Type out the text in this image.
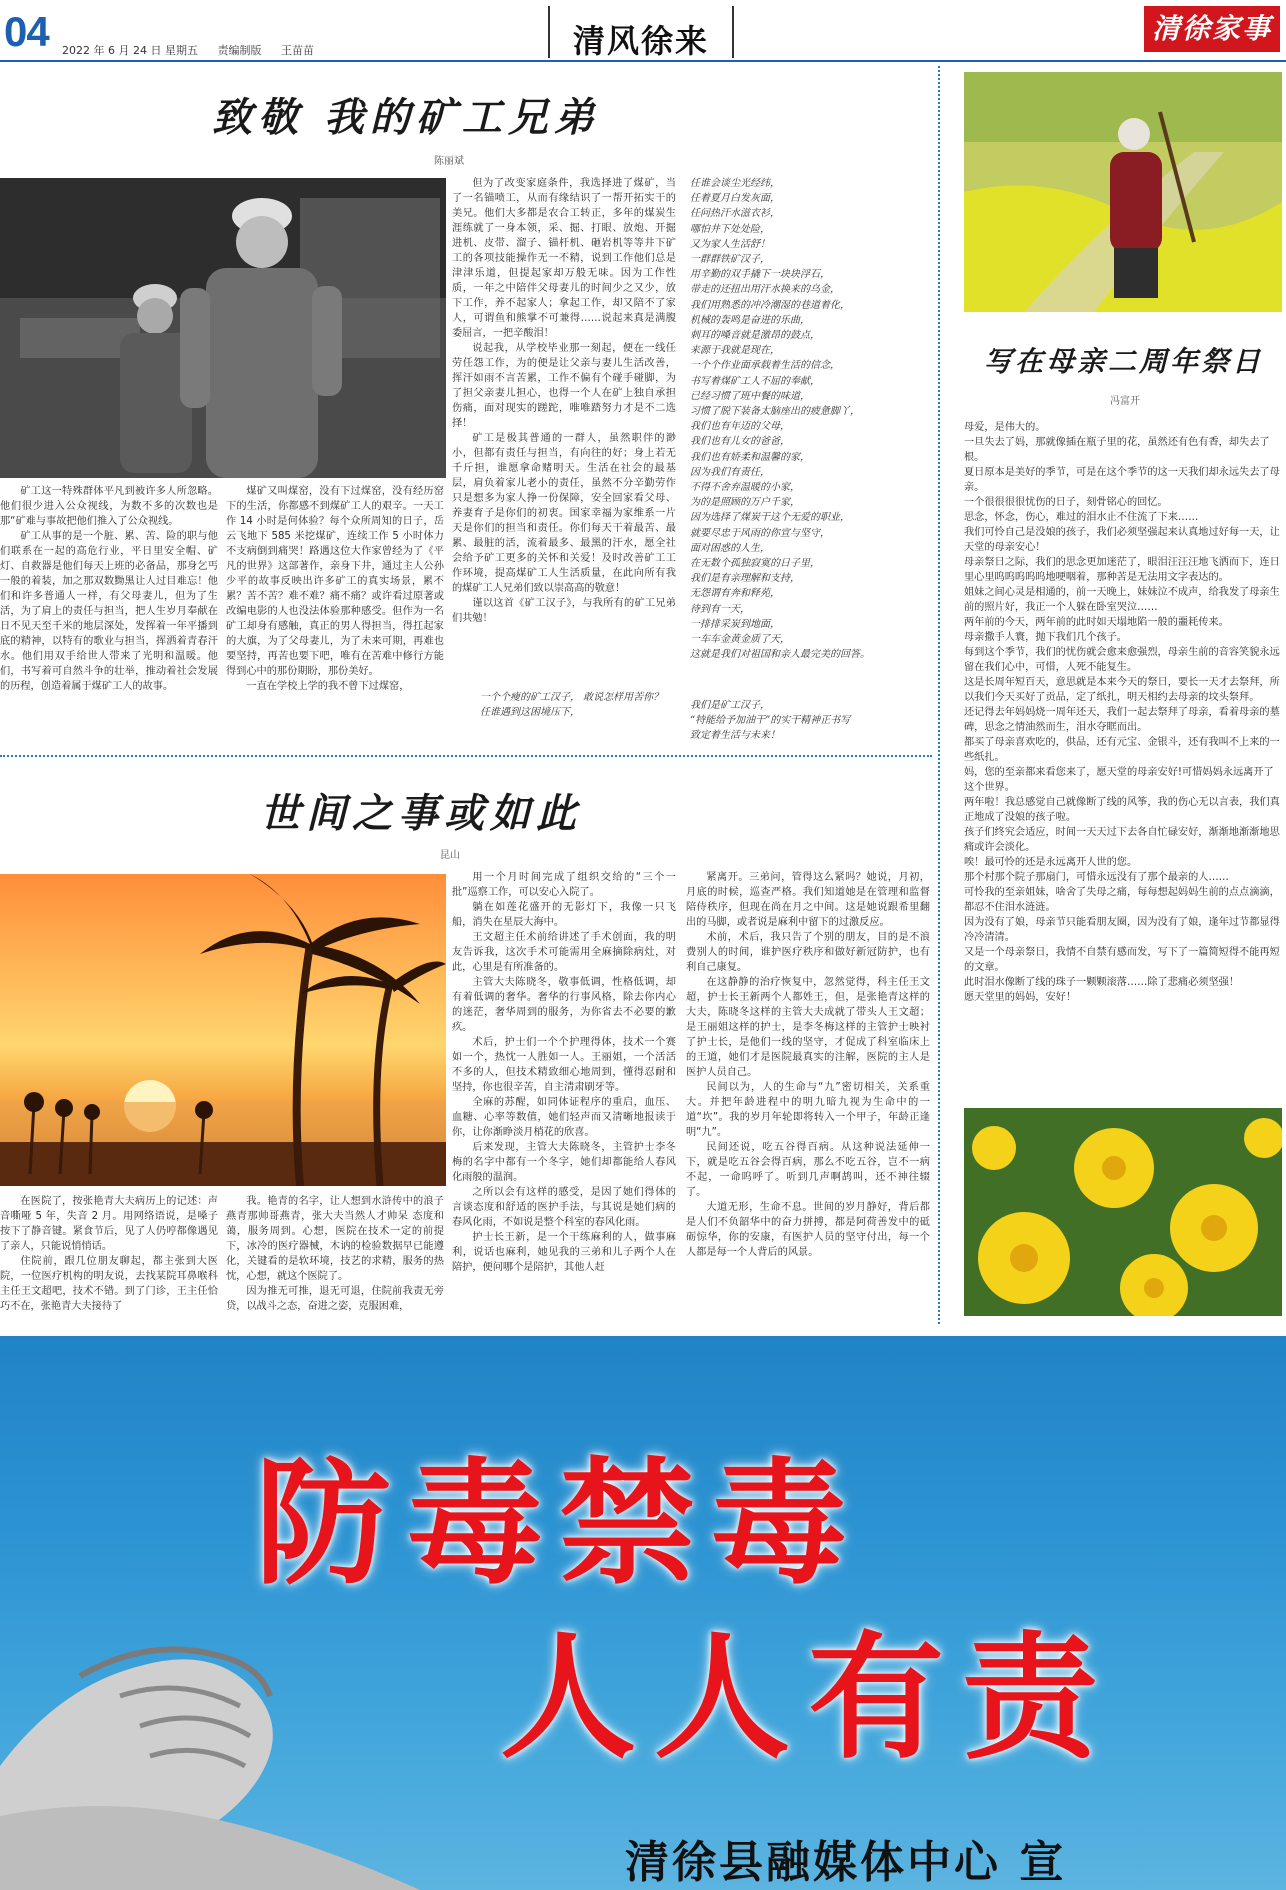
04 2022 年 6 月 24 日 星期五 责编制版 王苗苗	清风徐来	清徐家事
致敬 我的矿工兄弟
陈丽斌
矿工这一特殊群体平凡到被许多人所忽略。他们很少进入公众视线，为数不多的次数也是那“矿难与事故把他们推入了公众视线。
矿工从事的是一个脏、累、苦、险的职与他们联系在一起的高危行业，平日里安全帽、矿灯、自救器是他们每天上班的必备品，那身乞丐一般的着装，加之那双数黝黑让人过目难忘！他们和许多普通人一样，有父母妻儿，但为了生活，为了肩上的责任与担当，把人生岁月奉献在日不见天至千米的地层深处，发挥着一年平播到底的精神，以特有的歌业与担当，挥洒着青春汗水。他们用双手给世人带来了光明和温暖。他们，书写着可自然斗争的壮举，推动着社会发展的历程，创造着属于煤矿工人的故事。
煤矿又叫煤窑，没有下过煤窑，没有经历窑下的生活，你都感不到煤矿工人的艰辛。一天工作 14 小时是何体验？每个众所周知的日子，岳云飞地下 585 米挖煤矿，连续工作 5 小时体力不支病倒到痛哭！路遇这位大作家曾经为了《平凡的世界》这部著作，亲身下井，通过主人公孙少平的故事反映出许多矿工的真实场景，累不累？苦不苦？难不难？痛不痛？或许看过原著或改编电影的人也没法体验那种感受。但作为一名矿工却身有感触，真正的男人得担当，得扛起家的大旗，为了父母妻儿，为了未来可期，再难也要坚持，再苦也要下吧，唯有在苦难中修行方能得到心中的那份期盼，那份美好。
一直在学校上学的我不曾下过煤窑，
但为了改变家庭条件，我选择进了煤矿，当了一名锚喷工，从而有缘结识了一帮开拓实干的美兄。他们大多都是农合工转正，多年的煤炭生涯练就了一身本领，采、掘、打眼、放炮、开掘进机、皮带、溜子、锚杆机、砸岩机等等井下矿工的各项技能操作无一不精，说到工作他们总是津津乐道，但提起家却万般无味。因为工作性质，一年之中陪伴父母妻儿的时间少之又少，放下工作，养不起家人；拿起工作，却又陪不了家人，可谓鱼和熊掌不可兼得……说起来真是满腹委屈言，一把辛酸泪！
说起我，从学校毕业那一刻起，便在一线任劳任怨工作，为的便是让父亲与妻儿生活改善，挥汗如雨不言苦累，工作不偏有个碰手碰脚，为了担父亲妻儿担心，也得一个人在矿上独自承担伤痛，面对现实的蹉跎，唯唯踏努力才是不二选择！
矿工是极其普通的一群人，虽然职伴的渺小，但都有责任与担当，有向往的好；身上若无千斤担，谁愿拿命赌明天。生活在社会的最基层，肩负着家儿老小的责任，虽然不分辛勤劳作只是想多为家人挣一份保障，安全回家看父母、养妻育子是你们的初衷。国家幸福为家维系一片天是你们的担当和责任。你们每天干着最苦、最累、最脏的活，流着最多、最黑的汗水，愿全社会给予矿工更多的关怀和关爱！及时改善矿工工作环境，提高煤矿工人生活质量，在此向所有我的煤矿工人兄弟们致以崇高高的敬意！
谨以这首《矿工汉子》，与我所有的矿工兄弟们共勉！
一个个瘦的矿工汉子， 敢说怎样用苦你？ 任谁遇到这困境压下，
任谁会谈尘光经纬，
任着夏月白发灰面，
任问热汗水滋衣衫，
哪怕井下处处险，
又为家人生活舒！
一群群铁矿汉子，
用辛勤的双手撬下一块块浮石，
带走的还扭出用汗水换来的乌金，
我们用熟悉的冲冷潮湿的巷道着化，
机械的轰鸣是奋进的乐曲，
刺耳的嗓音就是激昂的鼓点，
来源于我就是现在，
一个个作业面承载着生活的信念，
书写着煤矿工人不屈的奉献，
已经习惯了班中餐的味道，
习惯了脱下装备太脑座出的疲惫脚丫，
我们也有年迈的父母，
我们也有儿女的爸爸，
我们也有娇柔和温馨的家，
因为我们有责任，
不得不舍弃温暖的小家，
为的是照顾的万户千家，
因为选择了煤炭干这个无爱的职业，
就要尽忠于风雨的你宣与坚守，
面对困惑的人生，
在无数个孤独寂寞的日子里，
我们是有亲理解和支持，
无怨谓有奔和释苑，
待到有一天，
一排排采炭到地面，
一车车金黄金质了天，
这就是我们对祖国和亲人最完美的回答。
我们是矿工汉子，
“特能给予加油干”的实干精神正书写
致定着生活与未来！
世间之事或如此
昆山
在医院了，按张艳青大夫病历上的记述：声音嘶哑 5 年，失音 2 月。用网络语说，是嗓子按下了静音键。紧食节后，见了人仍哼都像遇见了亲人，只能说悄悄话。
住院前，跟几位朋友聊起，都主张到大医院，一位医疗机构的明友说，去找某院耳鼻喉科主任王文超吧，技术不错。到了门诊，王主任恰巧不在，张艳青大夫接待了
我。艳青的名字，让人想到水浒传中的浪子燕青那帅哥燕青，张大夫当然人才帅呆 态度和蔼，服务周到。心想，医院在技术一定的前提下，冰冷的医疗器械，木讷的检验数据早已能遵化，关键看的是软环境，技艺的求精，服务的热忱，心想，就这个医院了。
因为推无可推，退无可退，住院前我责无旁贷，以战斗之态，奋进之姿，克服困难，
用一个月时间完成了组织交给的“三个一批”巡察工作，可以安心入院了。
躺在如莲花盛开的无影灯下，我像一只飞船，消失在星辰大海中。
王文超主任术前给讲述了手术创面，我的明友告诉我，这次手术可能需用全麻摘除病灶，对此，心里是有所准备的。
主管大夫陈晓冬，敬事低调，性格低调，却有着低调的奢华。奢华的行事风格，除去你内心的迷茫，奢华周到的服务，为你省去不必要的歉疚。
术后，护士们一个个护理得体，技术一个赛如一个，热忱一人胜如一人。王丽姐，一个活活不多的人，但技术精致细心地周到，懂得忍耐和坚持，你也很辛苦，自主清肃刷牙等。
全麻的苏醒，如同体证程序的重启，血压、血糖、心率等数值，她们轻声而又清晰地报读于你，让你渐睁淡月梢花的欣喜。
后来发现，主管大夫陈晓冬，主管护士李冬梅的名字中都有一个冬字，她们却都能给人春风化雨般的温润。
之所以会有这样的感受，是因了她们得体的言谈态度和舒适的医护手法，与其说是她们病的春风化雨，不如说是整个科室的春风化雨。
护士长王新，是一个干练麻利的人，做事麻利，说话也麻利，她见我的三弟和儿子两个人在陪护，便问哪个是陪护，其他人赶
紧离开。三弟问，管得这么紧吗？她说，月初，月底的时候，巡查严格。我们知道她是在管理和监督陪侍秩序，但现在尚在月之中间。这是她说跟希里翻出的马脚，或者说是麻利中留下的过激反应。
术前，术后，我只告了个别的朋友，目的是不浪费别人的时间，谁护医疗秩序和做好新冠防护，也有利自己康复。
在这静静的治疗恢复中，忽然觉得，科主任王文超，护士长王新两个人都姓王，但，是张艳青这样的大夫，陈晓冬这样的主管大夫成就了带头人王文超；是王丽姐这样的护士，是李冬梅这样的主管护士映衬了护士长，是他们一线的坚守，才促成了科室临床上的王道，她们才是医院最真实的注解，医院的主人是医护人员自己。
民间以为，人的生命与“九”密切相关，关系重大。并把年龄进程中的明九暗九视为生命中的一道“坎”。我的岁月年轮即将转入一个甲子，年龄正逢明“九”。
民间还说，吃五谷得百病。从这种说法延伸一下，就是吃五谷会得百病，那么不吃五谷，岂不一病不起，一命呜呼了。听到几声啊鸪叫，还不神往辍了。
大道无形，生命不息。世间的岁月静好，背后都是人们不负韶华中的奋力拼搏，都是阿荷善发中的砥砺惊华，你的安康，有医护人员的坚守付出，每一个人都是每一个人背后的风景。
写在母亲二周年祭日
冯富开
母爱，是伟大的。
一旦失去了妈，那就像插在瓶子里的花，虽然还有色有香，却失去了根。
夏日原本是美好的季节，可是在这个季节的这一天我们却永远失去了母亲。
一个很很很很忧伤的日子，刻骨铭心的回忆。
思念，怀念，伤心，难过的泪水止不住流了下来……
我们可怜自己是没娘的孩子，我们必须坚强起来认真地过好每一天，让天堂的母亲安心！
母亲祭日之际，我们的思念更加迷茫了，眼泪汪汪汪地飞洒而下，连日里心里呜呜呜呜呜地哽咽着，那种苦是无法用文字表达的。
姐妹之间心灵是相通的，前一天晚上，妹妹泣不成声，给我发了母亲生前的照片好，我正一个人躲在卧室哭泣……
两年前的今天，两年前的此时如天塌地陷一般的噩耗传来。
母亲撒手人寰，抛下我们几个孩子。
每到这个季节，我们的忧伤就会愈来愈强烈，母亲生前的音容笑貌永远留在我们心中，可惜，人死不能复生。
这是长周年短百天，意思就是本来今天的祭日，要长一天才去祭拜，所以我们今天买好了贡品，定了纸扎，明天相约去母亲的坟头祭拜。
还记得去年妈妈烧一周年还天，我们一起去祭拜了母亲，看着母亲的墓碑，思念之情油然而生，泪水夺眶而出。
都买了母亲喜欢吃的，供品，还有元宝、金银斗，还有我叫不上来的一些纸扎。
妈，您的至亲都来看您来了，愿天堂的母亲安好!可惜妈妈永远离开了这个世界。
两年啦！我总感觉自己就像断了线的风筝，我的伤心无以言表，我们真正地成了没娘的孩子啦。
孩子们终究会适应，时间一天天过下去各自忙碌安好，渐渐地渐渐地思痛或许会淡化。
唉！最可怜的还是永远离开人世的您。
那个村那个院子那扇门，可惜永远没有了那个最亲的人……
可怜我的至亲姐妹，啥舍了失母之痛，每每想起妈妈生前的点点滴滴，都忍不住泪水涟涟。
因为没有了娘，母亲节只能看朋友圈，因为没有了娘，逢年过节都显得冷冷清清。
又是一个母亲祭日，我情不自禁有感而发，写下了一篇简短得不能再短的文章。
此时泪水像断了线的珠子一颗颗滚落……除了悲痛必须坚强！
愿天堂里的妈妈，安好！
防毒禁毒
人人有责
清徐县融媒体中心 宣
